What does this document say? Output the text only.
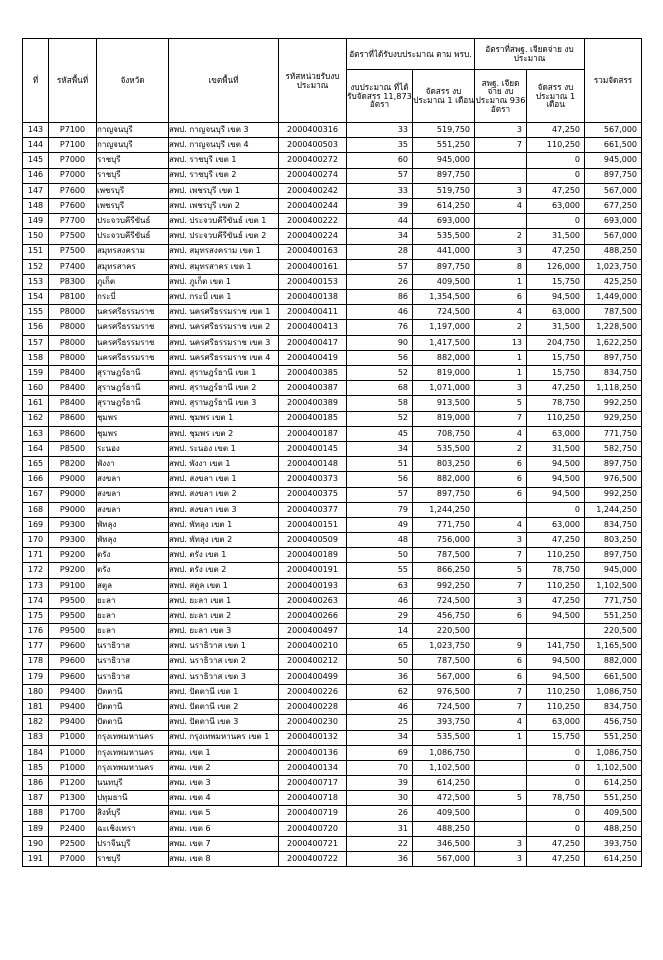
ที่	รหัสพื้นที่	จังหวัด	เขตพื้นที่	รหัสหน่วยรับงบประมาณ	อัตราที่ได้รับงบประมาณ ตาม พรบ.		อัตราที่สพฐ. เจียดจ่าย งบประมาณ		รวมจัดสรร
					งบประมาณ ที่ได้รับจัดสรร 11,873 อัตรา	จัดสรร งบประมาณ 1 เดือน	สพฐ. เจียดจ่าย งบประมาณ 936 อัตรา	จัดสรร งบประมาณ 1 เดือน	
143	P7100	กาญจนบุรี	สพป. กาญจนบุรี เขต 3	2000400316	33	519,750	3	47,250	567,000
144	P7100	กาญจนบุรี	สพป. กาญจนบุรี เขต 4	2000400503	35	551,250	7	110,250	661,500
145	P7000	ราชบุรี	สพป. ราชบุรี เขต 1	2000400272	60	945,000		0	945,000
146	P7000	ราชบุรี	สพป. ราชบุรี เขต 2	2000400274	57	897,750		0	897,750
147	P7600	เพชรบุรี	สพป. เพชรบุรี เขต 1	2000400242	33	519,750	3	47,250	567,000
148	P7600	เพชรบุรี	สพป. เพชรบุรี เขต 2	2000400244	39	614,250	4	63,000	677,250
149	P7700	ประจวบคีรีขันธ์	สพป. ประจวบคีรีขันธ์ เขต 1	2000400222	44	693,000		0	693,000
150	P7500	ประจวบคีรีขันธ์	สพป. ประจวบคีรีขันธ์ เขต 2	2000400224	34	535,500	2	31,500	567,000
151	P7500	สมุทรสงคราม	สพป. สมุทรสงคราม เขต 1	2000400163	28	441,000	3	47,250	488,250
152	P7400	สมุทรสาคร	สพป. สมุทรสาคร เขต 1	2000400161	57	897,750	8	126,000	1,023,750
153	P8300	ภูเก็ต	สพป. ภูเก็ต เขต 1	2000400153	26	409,500	1	15,750	425,250
154	P8100	กระบี่	สพป. กระบี่ เขต 1	2000400138	86	1,354,500	6	94,500	1,449,000
155	P8000	นครศรีธรรมราช	สพป. นครศรีธรรมราช เขต 1	2000400411	46	724,500	4	63,000	787,500
156	P8000	นครศรีธรรมราช	สพป. นครศรีธรรมราช เขต 2	2000400413	76	1,197,000	2	31,500	1,228,500
157	P8000	นครศรีธรรมราช	สพป. นครศรีธรรมราช เขต 3	2000400417	90	1,417,500	13	204,750	1,622,250
158	P8000	นครศรีธรรมราช	สพป. นครศรีธรรมราช เขต 4	2000400419	56	882,000	1	15,750	897,750
159	P8400	สุราษฎร์ธานี	สพป. สุราษฎร์ธานี เขต 1	2000400385	52	819,000	1	15,750	834,750
160	P8400	สุราษฎร์ธานี	สพป. สุราษฎร์ธานี เขต 2	2000400387	68	1,071,000	3	47,250	1,118,250
161	P8400	สุราษฎร์ธานี	สพป. สุราษฎร์ธานี เขต 3	2000400389	58	913,500	5	78,750	992,250
162	P8600	ชุมพร	สพป. ชุมพร เขต 1	2000400185	52	819,000	7	110,250	929,250
163	P8600	ชุมพร	สพป. ชุมพร เขต 2	2000400187	45	708,750	4	63,000	771,750
164	P8500	ระนอง	สพป. ระนอง เขต 1	2000400145	34	535,500	2	31,500	582,750
165	P8200	พังงา	สพป. พังงา เขต 1	2000400148	51	803,250	6	94,500	897,750
166	P9000	สงขลา	สพป. สงขลา เขต 1	2000400373	56	882,000	6	94,500	976,500
167	P9000	สงขลา	สพป. สงขลา เขต 2	2000400375	57	897,750	6	94,500	992,250
168	P9000	สงขลา	สพป. สงขลา เขต 3	2000400377	79	1,244,250		0	1,244,250
169	P9300	พัทลุง	สพป. พัทลุง เขต 1	2000400151	49	771,750	4	63,000	834,750
170	P9300	พัทลุง	สพป. พัทลุง เขต 2	2000400509	48	756,000	3	47,250	803,250
171	P9200	ตรัง	สพป. ตรัง เขต 1	2000400189	50	787,500	7	110,250	897,750
172	P9200	ตรัง	สพป. ตรัง เขต 2	2000400191	55	866,250	5	78,750	945,000
173	P9100	สตูล	สพป. สตูล เขต 1	2000400193	63	992,250	7	110,250	1,102,500
174	P9500	ยะลา	สพป. ยะลา เขต 1	2000400263	46	724,500	3	47,250	771,750
175	P9500	ยะลา	สพป. ยะลา เขต 2	2000400266	29	456,750	6	94,500	551,250
176	P9500	ยะลา	สพป. ยะลา เขต 3	2000400497	14	220,500			220,500
177	P9600	นราธิวาส	สพป. นราธิวาส เขต 1	2000400210	65	1,023,750	9	141,750	1,165,500
178	P9600	นราธิวาส	สพป. นราธิวาส เขต 2	2000400212	50	787,500	6	94,500	882,000
179	P9600	นราธิวาส	สพป. นราธิวาส เขต 3	2000400499	36	567,000	6	94,500	661,500
180	P9400	ปัตตานี	สพป. ปัตตานี เขต 1	2000400226	62	976,500	7	110,250	1,086,750
181	P9400	ปัตตานี	สพป. ปัตตานี เขต 2	2000400228	46	724,500	7	110,250	834,750
182	P9400	ปัตตานี	สพป. ปัตตานี เขต 3	2000400230	25	393,750	4	63,000	456,750
183	P1000	กรุงเทพมหานคร	สพป. กรุงเทพมหานคร เขต 1	2000400132	34	535,500	1	15,750	551,250
184	P1000	กรุงเทพมหานคร	สพม. เขต 1	2000400136	69	1,086,750		0	1,086,750
185	P1000	กรุงเทพมหานคร	สพม. เขต 2	2000400134	70	1,102,500		0	1,102,500
186	P1200	นนทบุรี	สพม. เขต 3	2000400717	39	614,250		0	614,250
187	P1300	ปทุมธานี	สพม. เขต 4	2000400718	30	472,500	5	78,750	551,250
188	P1700	สิงห์บุรี	สพม. เขต 5	2000400719	26	409,500		0	409,500
189	P2400	ฉะเชิงเทรา	สพม. เขต 6	2000400720	31	488,250		0	488,250
190	P2500	ปราจีนบุรี	สพม. เขต 7	2000400721	22	346,500	3	47,250	393,750
191	P7000	ราชบุรี	สพม. เขต 8	2000400722	36	567,000	3	47,250	614,250
